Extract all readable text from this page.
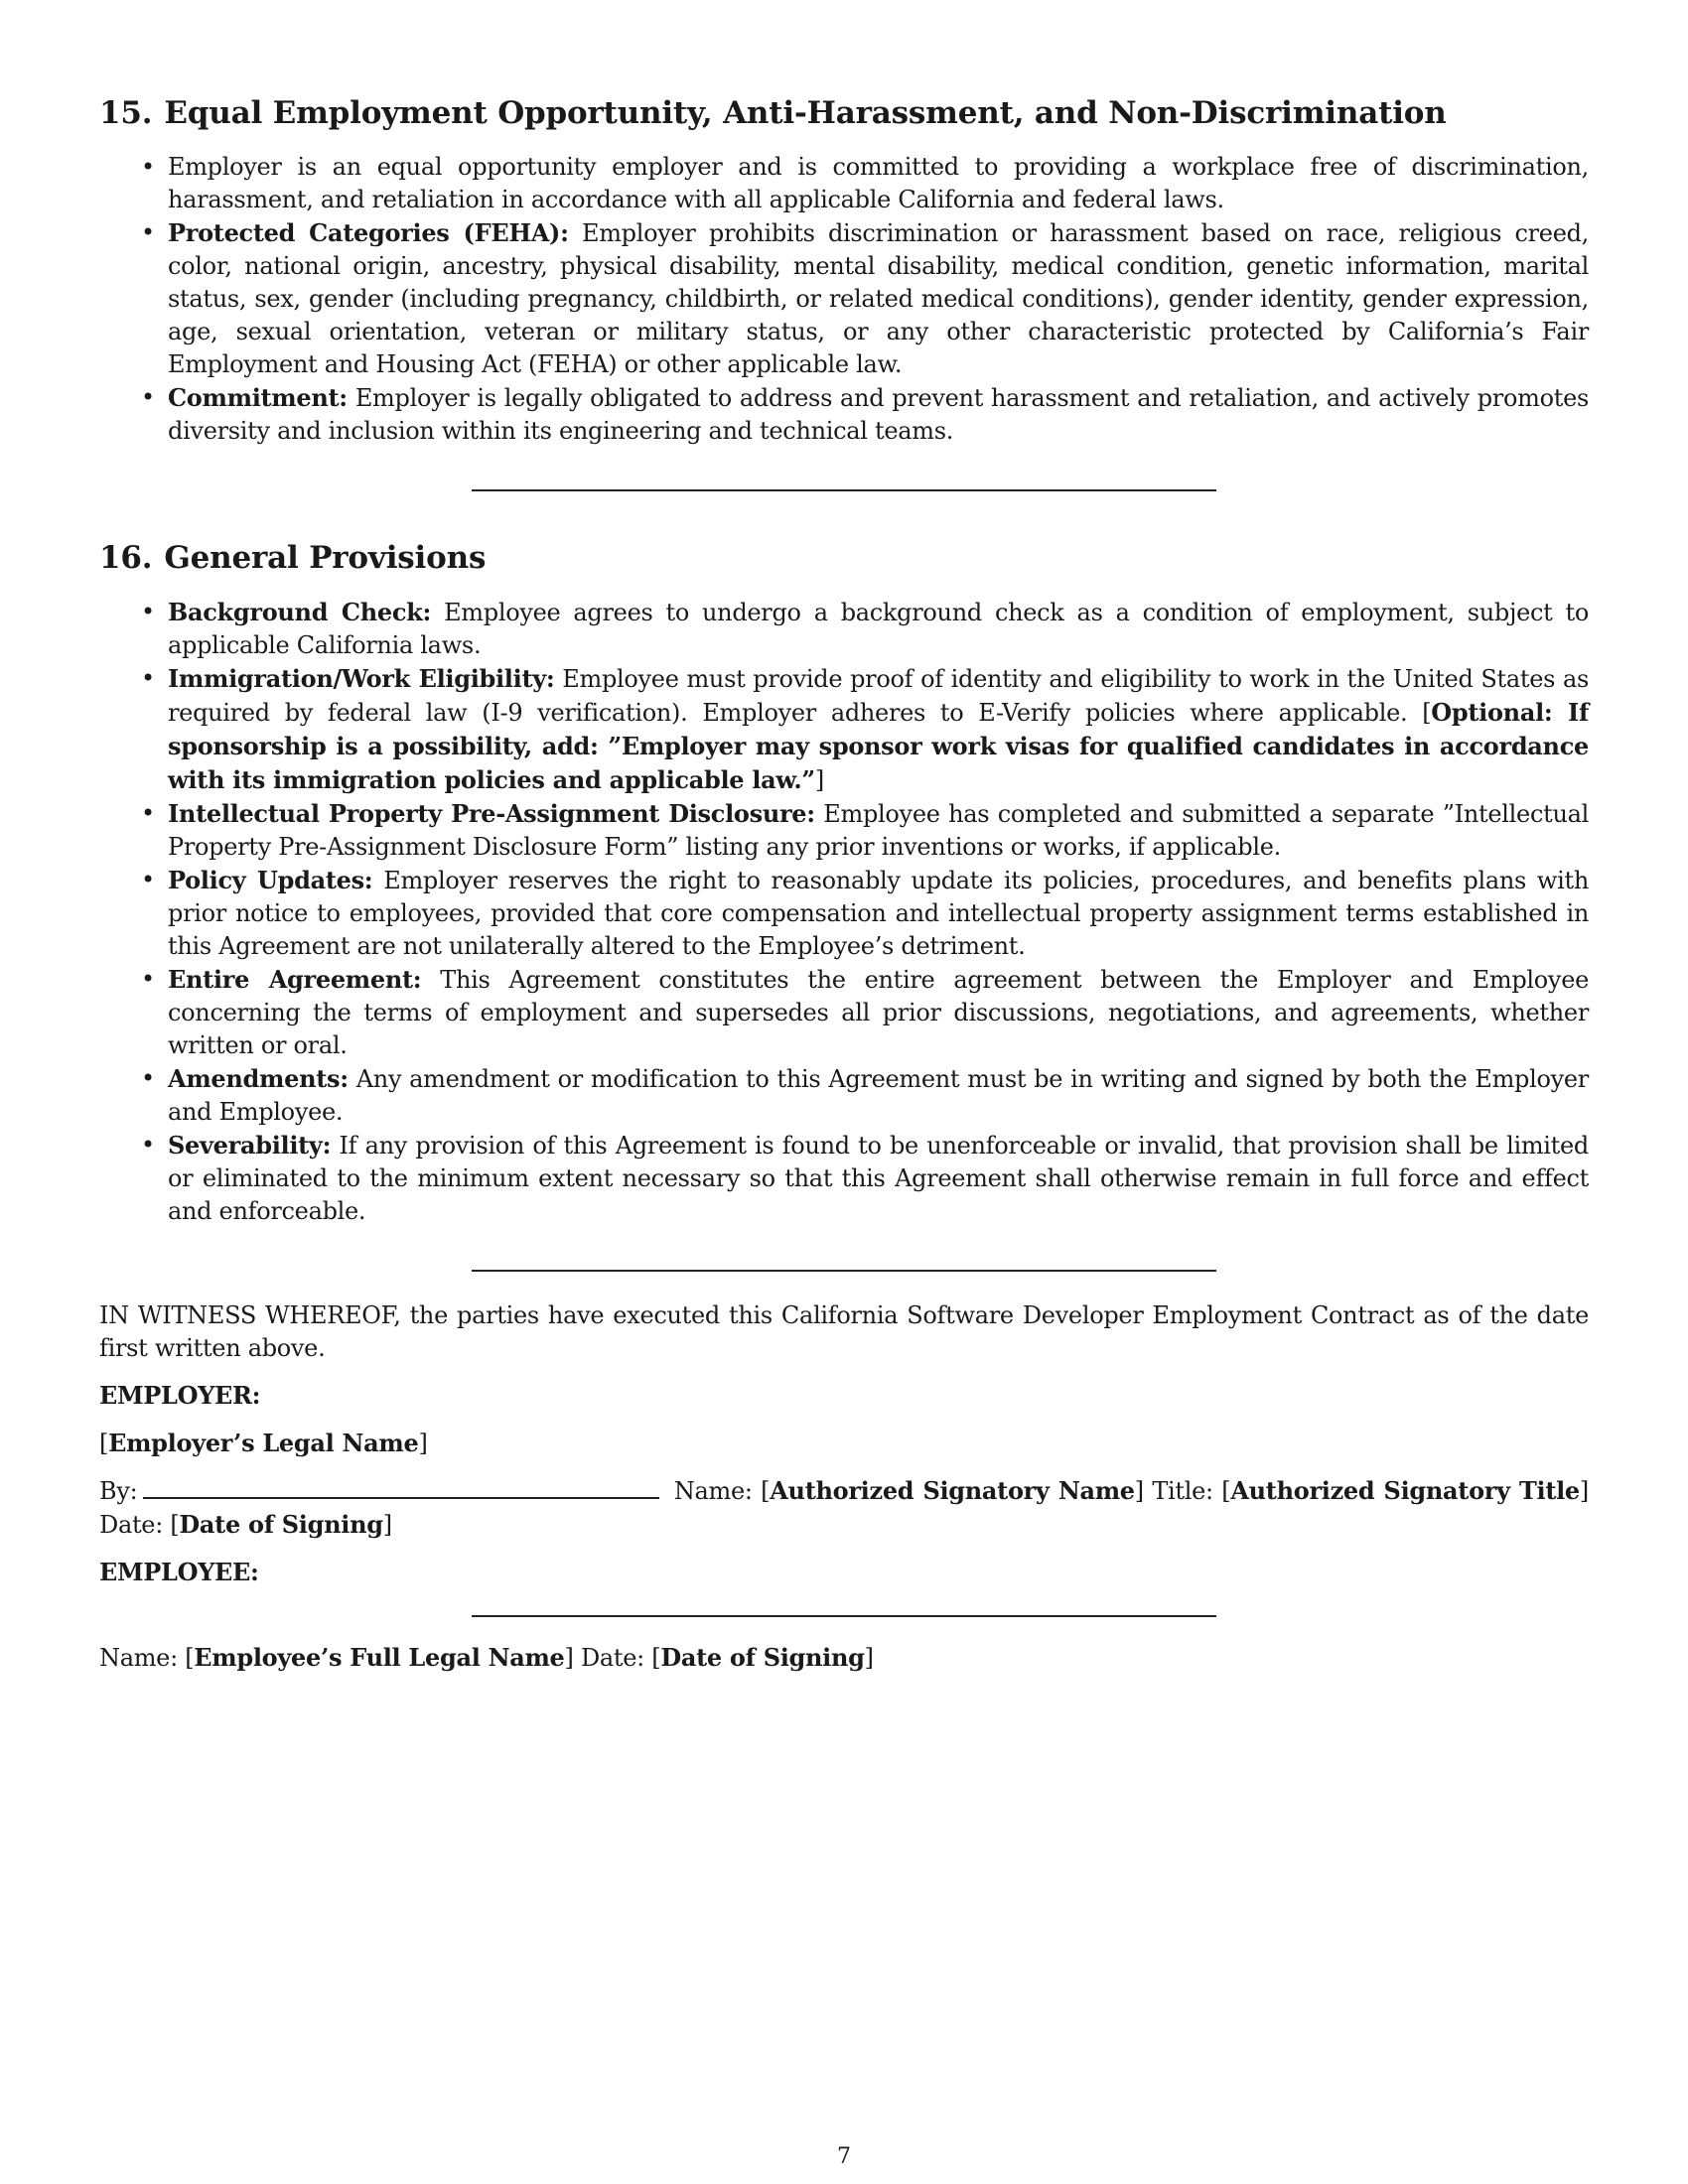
15. Equal Employment Opportunity, Anti-Harassment, and Non-Discrimination
• Employer is an equal opportunity employer and is committed to providing a workplace free of discrimination, harassment, and retaliation in accordance with all applicable California and federal laws.
• Protected Categories (FEHA): Employer prohibits discrimination or harassment based on race, religious creed, color, national origin, ancestry, physical disability, mental disability, medical condition, genetic information, marital status, sex, gender (including pregnancy, childbirth, or related medical conditions), gender identity, gender expression, age, sexual orientation, veteran or military status, or any other characteristic protected by California’s Fair Employment and Housing Act (FEHA) or other applicable law.
• Commitment: Employer is legally obligated to address and prevent harassment and retaliation, and actively promotes diversity and inclusion within its engineering and technical teams.
16. General Provisions
• Background Check: Employee agrees to undergo a background check as a condition of employment, subject to applicable California laws.
• Immigration/Work Eligibility: Employee must provide proof of identity and eligibility to work in the United States as required by federal law (I-9 verification). Employer adheres to E-Verify policies where applicable. [Optional: If sponsorship is a possibility, add: ”Employer may sponsor work visas for qualified candidates in accordance with its immigration policies and applicable law.”]
• Intellectual Property Pre-Assignment Disclosure: Employee has completed and submitted a separate ”Intellectual Property Pre-Assignment Disclosure Form” listing any prior inventions or works, if applicable.
• Policy Updates: Employer reserves the right to reasonably update its policies, procedures, and benefits plans with prior notice to employees, provided that core compensation and intellectual property assignment terms established in this Agreement are not unilaterally altered to the Employee’s detriment.
• Entire Agreement: This Agreement constitutes the entire agreement between the Employer and Employee concerning the terms of employment and supersedes all prior discussions, negotiations, and agreements, whether written or oral.
• Amendments: Any amendment or modification to this Agreement must be in writing and signed by both the Employer and Employee.
• Severability: If any provision of this Agreement is found to be unenforceable or invalid, that provision shall be limited or eliminated to the minimum extent necessary so that this Agreement shall otherwise remain in full force and effect and enforceable.

IN WITNESS WHEREOF, the parties have executed this California Software Developer Employment Contract as of the date first written above.

EMPLOYER:

[Employer’s Legal Name]

By:	Name: [Authorized Signatory Name] Title: [Authorized Signatory Title] Date: [Date of Signing]

EMPLOYEE:

Name: [Employee’s Full Legal Name] Date: [Date of Signing]

7
